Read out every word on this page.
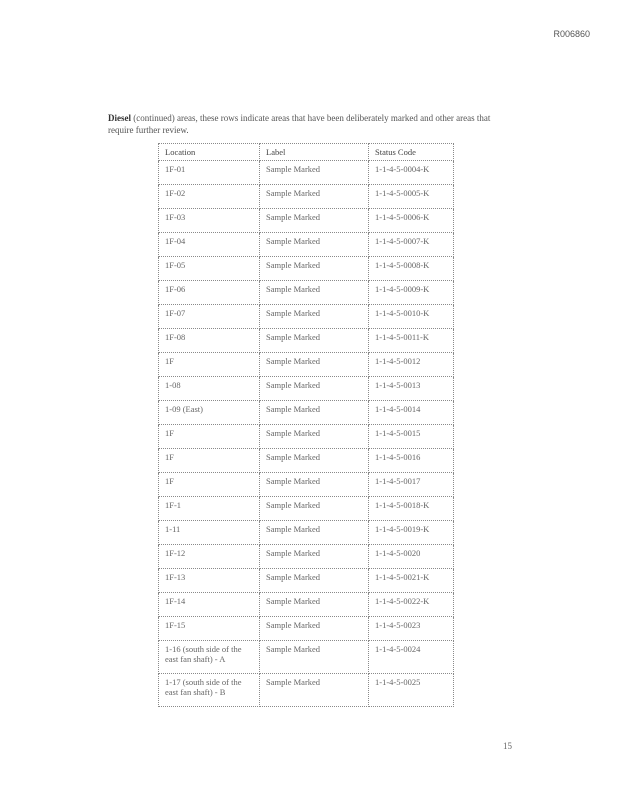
R006860
Diesel (continued) areas, these rows indicate areas that have been deliberately marked and other areas that require further review.
Location	Label	Status Code
1F-01	Sample Marked	1-1-4-5-0004-K
1F-02	Sample Marked	1-1-4-5-0005-K
1F-03	Sample Marked	1-1-4-5-0006-K
1F-04	Sample Marked	1-1-4-5-0007-K
1F-05	Sample Marked	1-1-4-5-0008-K
1F-06	Sample Marked	1-1-4-5-0009-K
1F-07	Sample Marked	1-1-4-5-0010-K
1F-08	Sample Marked	1-1-4-5-0011-K
1F	Sample Marked	1-1-4-5-0012
1-08	Sample Marked	1-1-4-5-0013
1-09 (East)	Sample Marked	1-1-4-5-0014
1F	Sample Marked	1-1-4-5-0015
1F	Sample Marked	1-1-4-5-0016
1F	Sample Marked	1-1-4-5-0017
1F-1	Sample Marked	1-1-4-5-0018-K
1-11	Sample Marked	1-1-4-5-0019-K
1F-12	Sample Marked	1-1-4-5-0020
1F-13	Sample Marked	1-1-4-5-0021-K
1F-14	Sample Marked	1-1-4-5-0022-K
1F-15	Sample Marked	1-1-4-5-0023
1-16 (south side of the east fan shaft) - A	Sample Marked	1-1-4-5-0024
1-17 (south side of the east fan shaft) - B	Sample Marked	1-1-4-5-0025
15
